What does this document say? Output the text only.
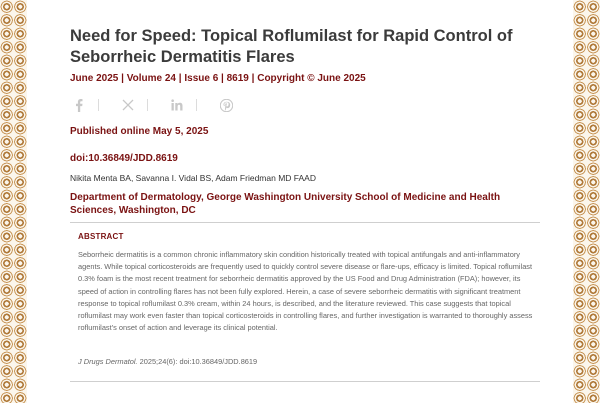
Need for Speed: Topical Roflumilast for Rapid Control of Seborrheic Dermatitis Flares

June 2025 | Volume 24 | Issue 6 | 8619 | Copyright © June 2025

Published online May 5, 2025

doi:10.36849/JDD.8619

Nikita Menta BA, Savanna I. Vidal BS, Adam Friedman MD FAAD

Department of Dermatology, George Washington University School of Medicine and Health Sciences, Washington, DC

ABSTRACT

Seborrheic dermatitis is a common chronic inflammatory skin condition historically treated with topical antifungals and anti-inflammatory agents. While topical corticosteroids are frequently used to quickly control severe disease or flare-ups, efficacy is limited. Topical roflumilast 0.3% foam is the most recent treatment for seborrheic dermatitis approved by the US Food and Drug Administration (FDA); however, its speed of action in controlling flares has not been fully explored. Herein, a case of severe seborrheic dermatitis with significant treatment response to topical roflumilast 0.3% cream, within 24 hours, is described, and the literature reviewed. This case suggests that topical roflumilast may work even faster than topical corticosteroids in controlling flares, and further investigation is warranted to thoroughly assess roflumilast’s onset of action and leverage its clinical potential.

J Drugs Dermatol. 2025;24(6): doi:10.36849/JDD.8619
